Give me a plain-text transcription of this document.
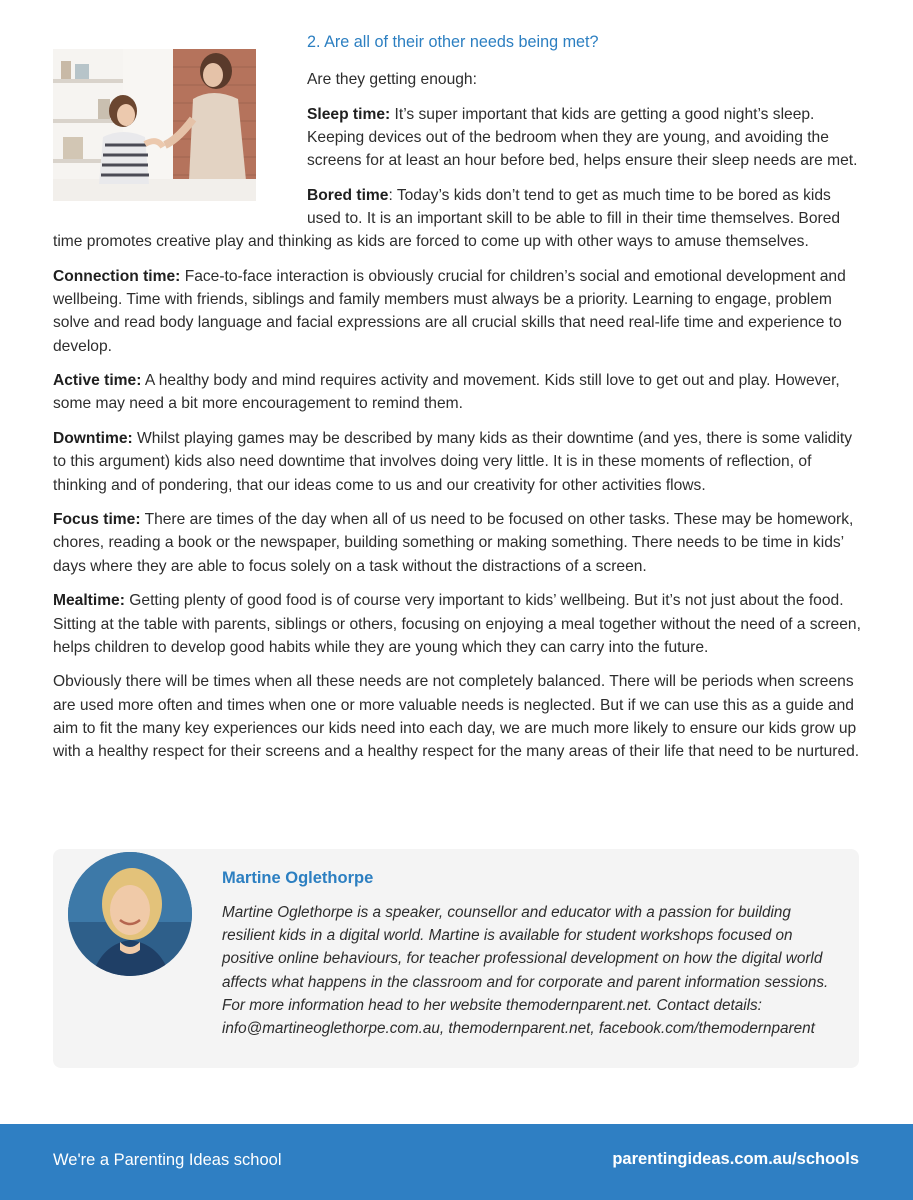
2. Are all of their other needs being met?

Are they getting enough:

Sleep time: It’s super important that kids are getting a good night’s sleep. Keeping devices out of the bedroom when they are young, and avoiding the screens for at least an hour before bed, helps ensure their sleep needs are met.

Bored time: Today’s kids don’t tend to get as much time to be bored as kids used to. It is an important skill to be able to fill in their time themselves. Bored time promotes creative play and thinking as kids are forced to come up with other ways to amuse themselves.

Connection time: Face-to-face interaction is obviously crucial for children’s social and emotional development and wellbeing. Time with friends, siblings and family members must always be a priority. Learning to engage, problem solve and read body language and facial expressions are all crucial skills that need real-life time and experience to develop.

Active time: A healthy body and mind requires activity and movement. Kids still love to get out and play. However, some may need a bit more encouragement to remind them.

Downtime: Whilst playing games may be described by many kids as their downtime (and yes, there is some validity to this argument) kids also need downtime that involves doing very little. It is in these moments of reflection, of thinking and of pondering, that our ideas come to us and our creativity for other activities flows.

Focus time: There are times of the day when all of us need to be focused on other tasks. These may be homework, chores, reading a book or the newspaper, building something or making something. There needs to be time in kids’ days where they are able to focus solely on a task without the distractions of a screen.

Mealtime: Getting plenty of good food is of course very important to kids’ wellbeing. But it’s not just about the food. Sitting at the table with parents, siblings or others, focusing on enjoying a meal together without the need of a screen, helps children to develop good habits while they are young which they can carry into the future.

Obviously there will be times when all these needs are not completely balanced. There will be periods when screens are used more often and times when one or more valuable needs is neglected. But if we can use this as a guide and aim to fit the many key experiences our kids need into each day, we are much more likely to ensure our kids grow up with a healthy respect for their screens and a healthy respect for the many areas of their life that need to be nurtured.

Martine Oglethorpe
Martine Oglethorpe is a speaker, counsellor and educator with a passion for building resilient kids in a digital world. Martine is available for student workshops focused on positive online behaviours, for teacher professional development on how the digital world affects what happens in the classroom and for corporate and parent information sessions. For more information head to her website themodernparent.net. Contact details: info@martineoglethorpe.com.au, themodernparent.net, facebook.com/themodernparent
We're a Parenting Ideas school	parentingideas.com.au/schools
